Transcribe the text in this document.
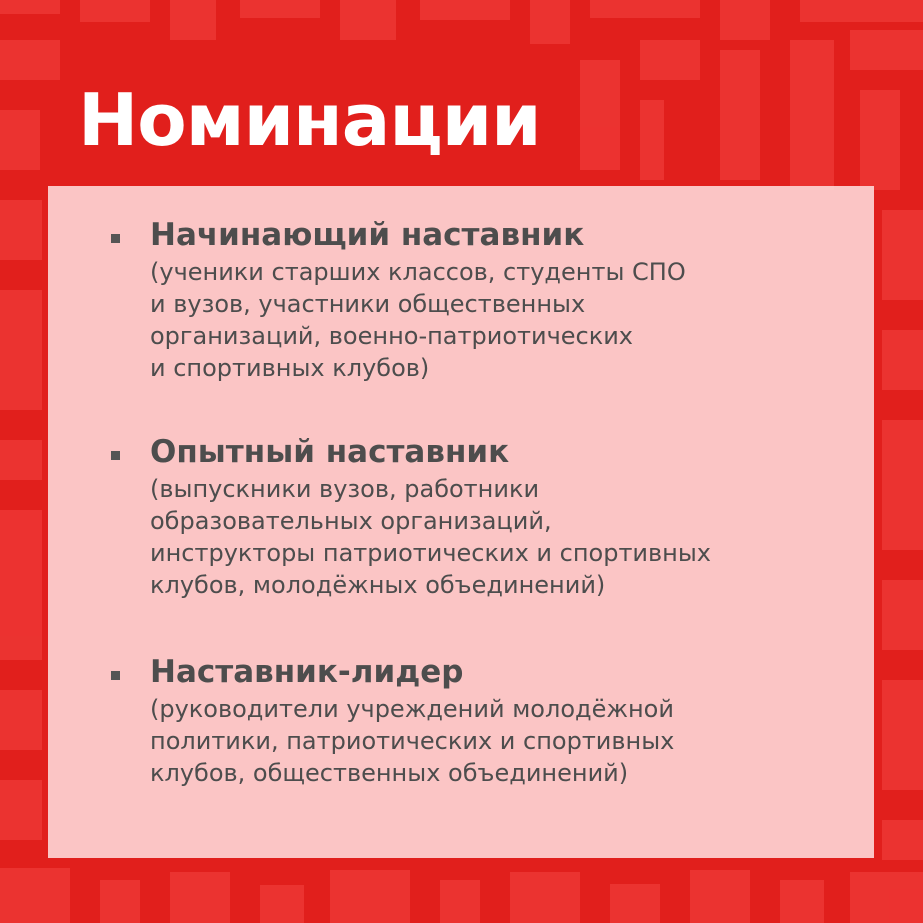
Номинации
Начинающий наставник
(ученики старших классов, студенты СПО
и вузов, участники общественных
организаций, военно-патриотических
и спортивных клубов)
Опытный наставник
(выпускники вузов, работники
образовательных организаций,
инструкторы патриотических и спортивных
клубов, молодёжных объединений)
Наставник-лидер
(руководители учреждений молодёжной
политики, патриотических и спортивных
клубов, общественных объединений)
